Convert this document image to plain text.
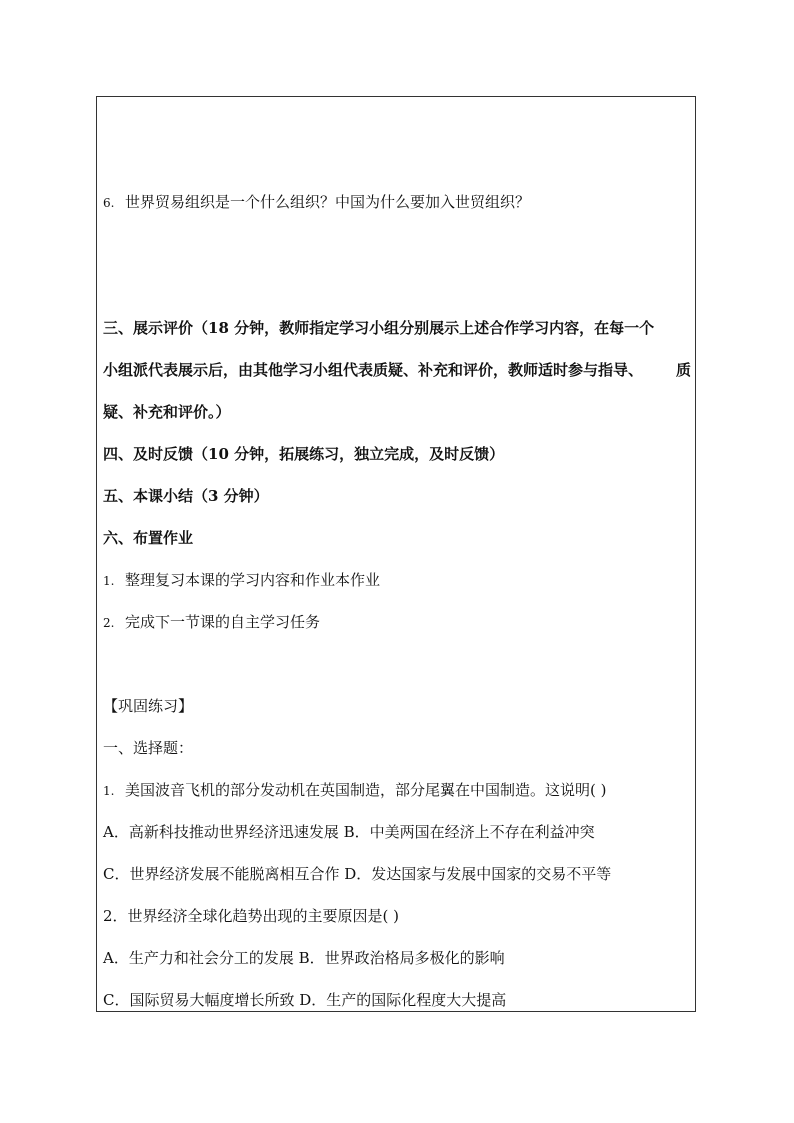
6. 世界贸易组织是一个什么组织？中国为什么要加入世贸组织？
三、展示评价（18 分钟，教师指定学习小组分别展示上述合作学习内容，在每一个
小组派代表展示后，由其他学习小组代表质疑、补充和评价，教师适时参与指导、 质
疑、补充和评价。）
四、及时反馈（10 分钟，拓展练习，独立完成，及时反馈）
五、本课小结（3 分钟）
六、布置作业
1. 整理复习本课的学习内容和作业本作业
2. 完成下一节课的自主学习任务
【巩固练习】
一、选择题：
1. 美国波音飞机的部分发动机在英国制造，部分尾翼在中国制造。这说明( )
A．高新科技推动世界经济迅速发展 B．中美两国在经济上不存在利益冲突
C．世界经济发展不能脱离相互合作 D．发达国家与发展中国家的交易不平等
2．世界经济全球化趋势出现的主要原因是( )
A．生产力和社会分工的发展 B．世界政治格局多极化的影响
C．国际贸易大幅度增长所致 D．生产的国际化程度大大提高
